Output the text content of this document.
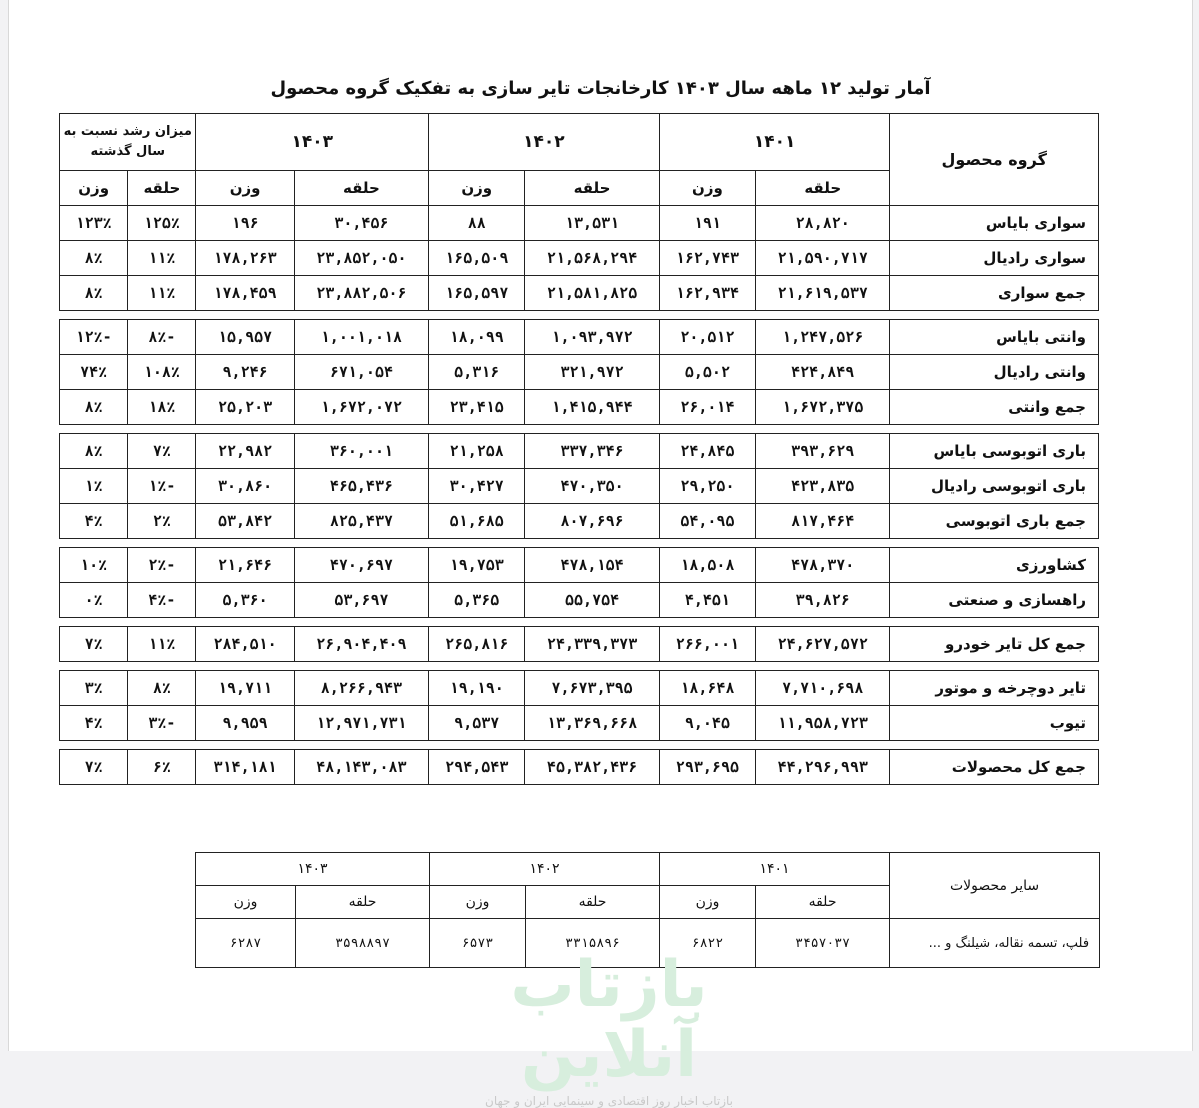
آمار تولید ۱۲ ماهه سال ۱۴۰۳ کارخانجات تایر سازی به تفکیک گروه محصول
گروه محصول	۱۴۰۱		۱۴۰۲		۱۴۰۳		میزان رشد نسبت به سال گذشته	
	حلقه	وزن	حلقه	وزن	حلقه	وزن	حلقه	وزن
سواری بایاس	۲۸,۸۲۰	۱۹۱	۱۳,۵۳۱	۸۸	۳۰,۴۵۶	۱۹۶	۱۲۵٪	۱۲۳٪
سواری رادیال	۲۱,۵۹۰,۷۱۷	۱۶۲,۷۴۳	۲۱,۵۶۸,۲۹۴	۱۶۵,۵۰۹	۲۳,۸۵۲,۰۵۰	۱۷۸,۲۶۳	۱۱٪	۸٪
جمع سواری	۲۱,۶۱۹,۵۳۷	۱۶۲,۹۳۴	۲۱,۵۸۱,۸۲۵	۱۶۵,۵۹۷	۲۳,۸۸۲,۵۰۶	۱۷۸,۴۵۹	۱۱٪	۸٪

وانتی بایاس	۱,۲۴۷,۵۲۶	۲۰,۵۱۲	۱,۰۹۳,۹۷۲	۱۸,۰۹۹	۱,۰۰۱,۰۱۸	۱۵,۹۵۷	-۸٪	-۱۲٪
وانتی رادیال	۴۲۴,۸۴۹	۵,۵۰۲	۳۲۱,۹۷۲	۵,۳۱۶	۶۷۱,۰۵۴	۹,۲۴۶	۱۰۸٪	۷۴٪
جمع وانتی	۱,۶۷۲,۳۷۵	۲۶,۰۱۴	۱,۴۱۵,۹۴۴	۲۳,۴۱۵	۱,۶۷۲,۰۷۲	۲۵,۲۰۳	۱۸٪	۸٪

باری اتوبوسی بایاس	۳۹۳,۶۲۹	۲۴,۸۴۵	۳۳۷,۳۴۶	۲۱,۲۵۸	۳۶۰,۰۰۱	۲۲,۹۸۲	۷٪	۸٪
باری اتوبوسی رادیال	۴۲۳,۸۳۵	۲۹,۲۵۰	۴۷۰,۳۵۰	۳۰,۴۲۷	۴۶۵,۴۳۶	۳۰,۸۶۰	-۱٪	۱٪
جمع باری اتوبوسی	۸۱۷,۴۶۴	۵۴,۰۹۵	۸۰۷,۶۹۶	۵۱,۶۸۵	۸۲۵,۴۳۷	۵۳,۸۴۲	۲٪	۴٪

کشاورزی	۴۷۸,۳۷۰	۱۸,۵۰۸	۴۷۸,۱۵۴	۱۹,۷۵۳	۴۷۰,۶۹۷	۲۱,۶۴۶	-۲٪	۱۰٪
راهسازی و صنعتی	۳۹,۸۲۶	۴,۴۵۱	۵۵,۷۵۴	۵,۳۶۵	۵۳,۶۹۷	۵,۳۶۰	-۴٪	۰٪

جمع کل تایر خودرو	۲۴,۶۲۷,۵۷۲	۲۶۶,۰۰۱	۲۴,۳۳۹,۳۷۳	۲۶۵,۸۱۶	۲۶,۹۰۴,۴۰۹	۲۸۴,۵۱۰	۱۱٪	۷٪

تایر دوچرخه و موتور	۷,۷۱۰,۶۹۸	۱۸,۶۴۸	۷,۶۷۳,۳۹۵	۱۹,۱۹۰	۸,۲۶۶,۹۴۳	۱۹,۷۱۱	۸٪	۳٪
تیوب	۱۱,۹۵۸,۷۲۳	۹,۰۴۵	۱۳,۳۶۹,۶۶۸	۹,۵۳۷	۱۲,۹۷۱,۷۳۱	۹,۹۵۹	-۳٪	۴٪

جمع کل محصولات	۴۴,۲۹۶,۹۹۳	۲۹۳,۶۹۵	۴۵,۳۸۲,۴۳۶	۲۹۴,۵۴۳	۴۸,۱۴۳,۰۸۳	۳۱۴,۱۸۱	۶٪	۷٪
سایر محصولات	۱۴۰۱		۱۴۰۲		۱۴۰۳	
	حلقه	وزن	حلقه	وزن	حلقه	وزن
فلپ، تسمه نقاله، شیلنگ و ...	۳۴۵۷۰۳۷	۶۸۲۲	۳۳۱۵۸۹۶	۶۵۷۳	۳۵۹۸۸۹۷	۶۲۸۷
بازتاب آنلاین
بازتاب اخبار روز اقتصادی و سینمایی ایران و جهان
